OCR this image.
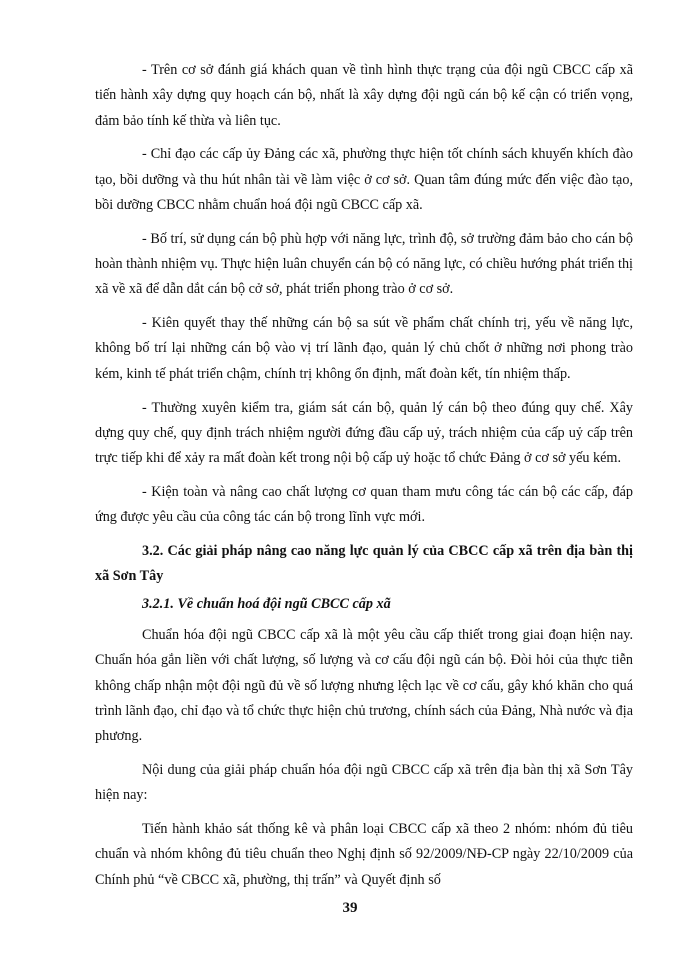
- Trên cơ sở đánh giá khách quan về tình hình thực trạng của đội ngũ CBCC cấp xã tiến hành xây dựng quy hoạch cán bộ, nhất là xây dựng đội ngũ cán bộ kế cận có triển vọng, đảm bảo tính kế thừa và liên tục.

- Chỉ đạo các cấp ủy Đảng các xã, phường thực hiện tốt chính sách khuyến khích đào tạo, bồi dưỡng và thu hút nhân tài về làm việc ở cơ sở. Quan tâm đúng mức đến việc đào tạo, bồi dưỡng CBCC nhằm chuẩn hoá đội ngũ CBCC cấp xã.

- Bố trí, sử dụng cán bộ phù hợp với năng lực, trình độ, sở trường đảm bảo cho cán bộ hoàn thành nhiệm vụ. Thực hiện luân chuyển cán bộ có năng lực, có chiều hướng phát triển thị xã về xã để dẫn dắt cán bộ cở sở, phát triển phong trào ở cơ sở.

- Kiên quyết thay thế những cán bộ sa sút về phẩm chất chính trị, yếu về năng lực, không bố trí lại những cán bộ vào vị trí lãnh đạo, quản lý chủ chốt ở những nơi phong trào kém, kinh tế phát triển chậm, chính trị không ổn định, mất đoàn kết, tín nhiệm thấp.

- Thường xuyên kiểm tra, giám sát cán bộ, quản lý cán bộ theo đúng quy chế. Xây dựng quy chế, quy định trách nhiệm người đứng đầu cấp uỷ, trách nhiệm của cấp uỷ cấp trên trực tiếp khi để xảy ra mất đoàn kết trong nội bộ cấp uỷ hoặc tổ chức Đảng ở cơ sở yếu kém.

- Kiện toàn và nâng cao chất lượng cơ quan tham mưu công tác cán bộ các cấp, đáp ứng được yêu cầu của công tác cán bộ trong lĩnh vực mới.

3.2. Các giải pháp nâng cao năng lực quản lý của CBCC cấp xã trên địa bàn thị xã Sơn Tây
3.2.1. Về chuẩn hoá đội ngũ CBCC cấp xã

Chuẩn hóa đội ngũ CBCC cấp xã là một yêu cầu cấp thiết trong giai đoạn hiện nay. Chuẩn hóa gắn liền với chất lượng, số lượng và cơ cấu đội ngũ cán bộ. Đòi hỏi của thực tiễn không chấp nhận một đội ngũ đủ về số lượng nhưng lệch lạc về cơ cấu, gây khó khăn cho quá trình lãnh đạo, chỉ đạo và tổ chức thực hiện chủ trương, chính sách của Đảng, Nhà nước và địa phương.

Nội dung của giải pháp chuẩn hóa đội ngũ CBCC cấp xã trên địa bàn thị xã Sơn Tây hiện nay:

Tiến hành khảo sát thống kê và phân loại CBCC cấp xã theo 2 nhóm: nhóm đủ tiêu chuẩn và nhóm không đủ tiêu chuẩn theo Nghị định số 92/2009/NĐ-CP ngày 22/10/2009 của Chính phủ “về CBCC xã, phường, thị trấn” và Quyết định số

39
